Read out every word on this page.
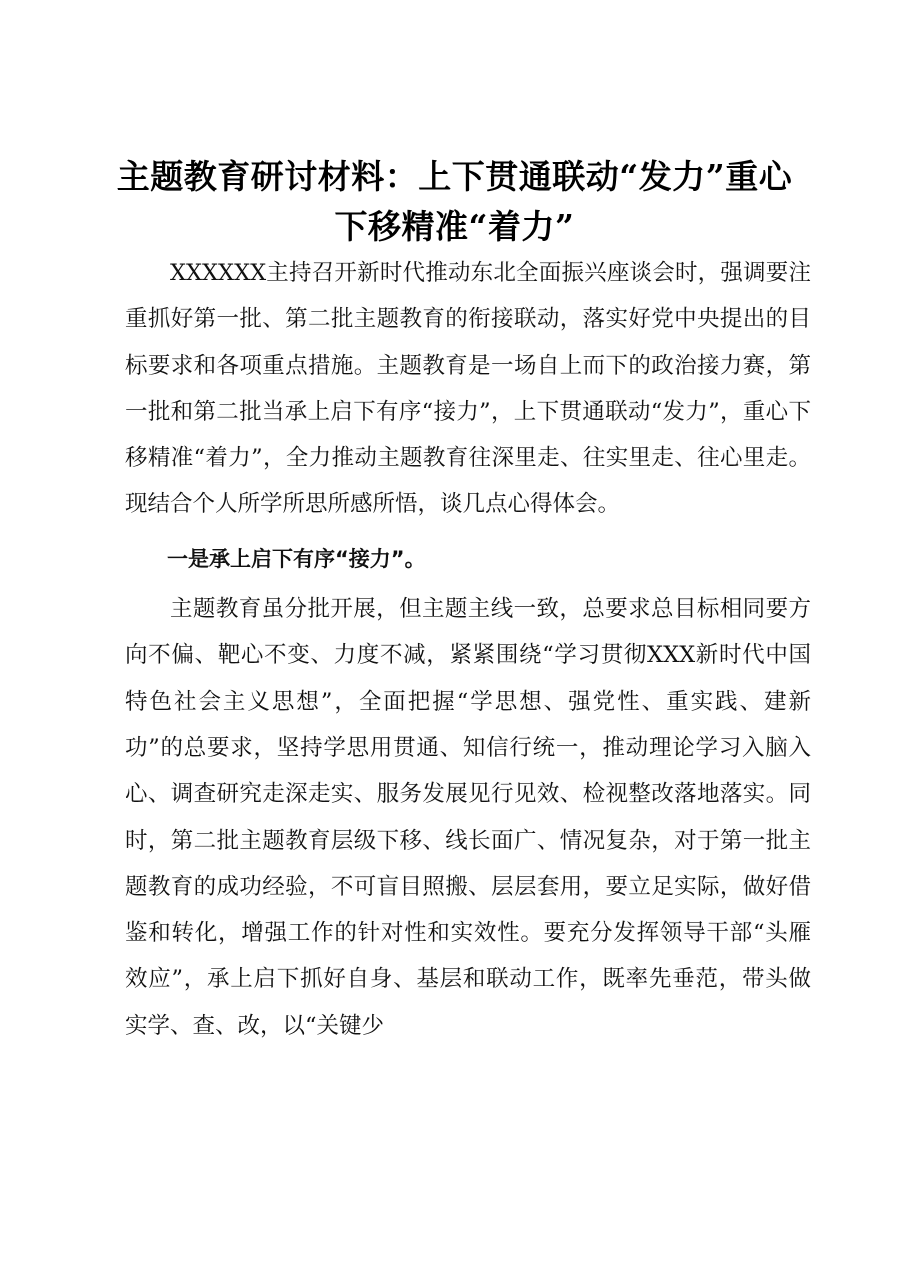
主题教育研讨材料：上下贯通联动“发力”重心
下移精准“着力”

XXXXXX主持召开新时代推动东北全面振兴座谈会时，强调要注重抓好第一批、第二批主题教育的衔接联动，落实好党中央提出的目标要求和各项重点措施。主题教育是一场自上而下的政治接力赛，第一批和第二批当承上启下有序“接力”，上下贯通联动“发力”，重心下移精准“着力”，全力推动主题教育往深里走、往实里走、往心里走。现结合个人所学所思所感所悟，谈几点心得体会。

一是承上启下有序“接力”。

主题教育虽分批开展，但主题主线一致，总要求总目标相同要方向不偏、靶心不变、力度不减，紧紧围绕“学习贯彻XXX新时代中国特色社会主义思想”，全面把握“学思想、强党性、重实践、建新功”的总要求，坚持学思用贯通、知信行统一，推动理论学习入脑入心、调查研究走深走实、服务发展见行见效、检视整改落地落实。同时，第二批主题教育层级下移、线长面广、情况复杂，对于第一批主题教育的成功经验，不可盲目照搬、层层套用，要立足实际，做好借鉴和转化，增强工作的针对性和实效性。要充分发挥领导干部“头雁效应”，承上启下抓好自身、基层和联动工作，既率先垂范，带头做实学、查、改，以“关键少
